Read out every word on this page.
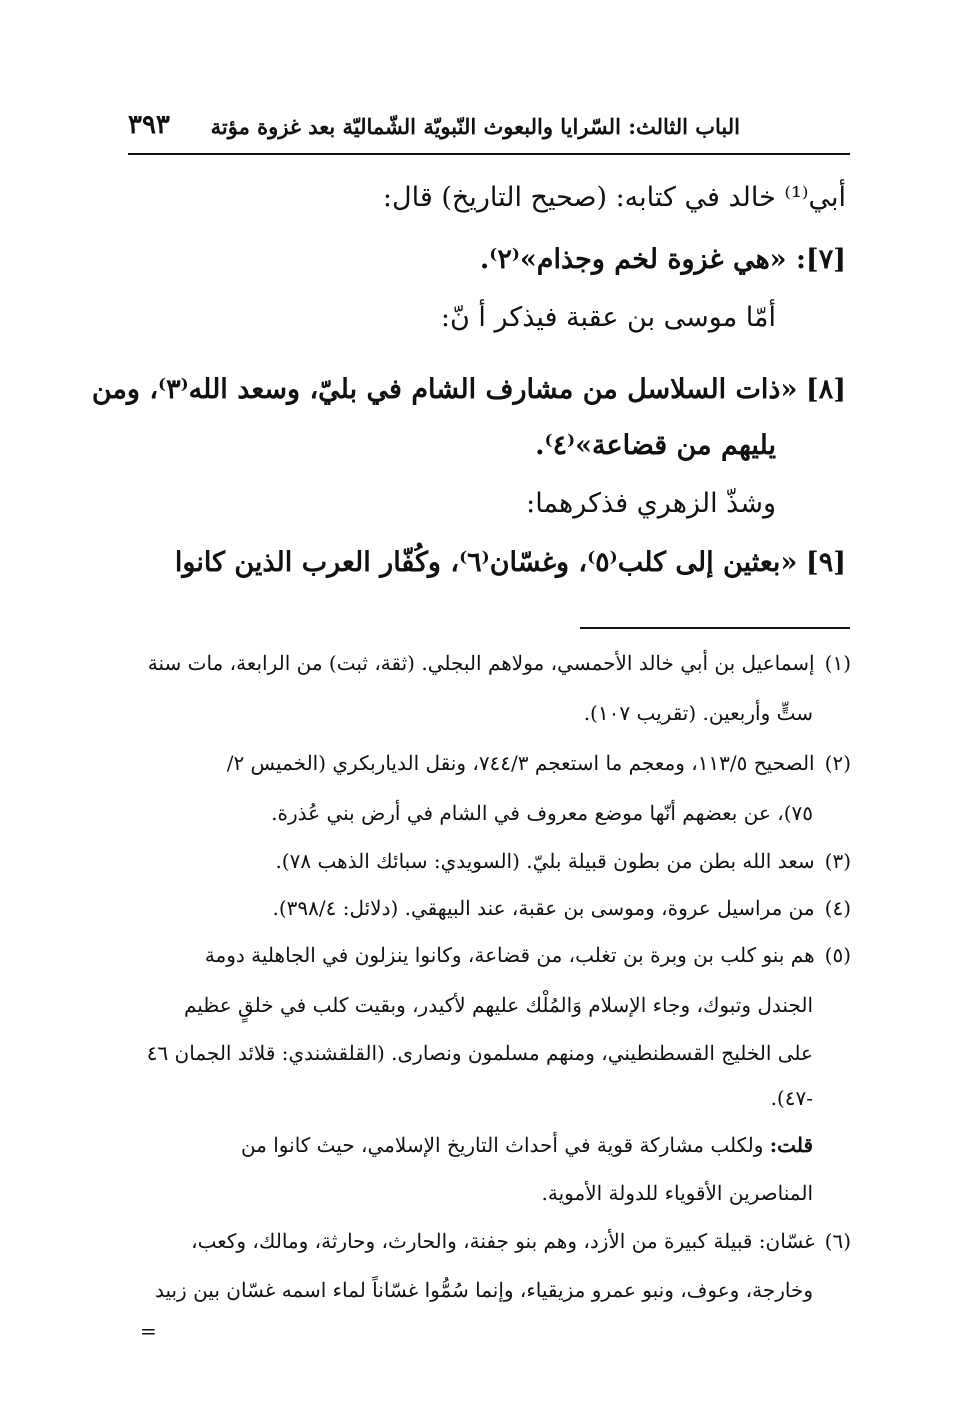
الباب الثالث: السّرايا والبعوث النّبويّة الشّماليّة بعد غزوة مؤتة
٣٩٣
أبي⁽¹⁾ خالد في كتابه: (صحيح التاريخ) قال:
[٧]: «هي غزوة لخم وجذام»⁽٢⁾.
أمّا موسى بن عقبة فيذكر أ نّ:
[٨] «ذات السلاسل من مشارف الشام في بليّ، وسعد الله⁽٣⁾، ومن
يليهم من قضاعة»⁽٤⁾.
وشذّ الزهري فذكرهما:
[٩] «بعثين إلى كلب⁽٥⁾، وغسّان⁽٦⁾، وكُفّار العرب الذين كانوا
(١)إسماعيل بن أبي خالد الأحمسي، مولاهم البجلي. (ثقة، ثبت) من الرابعة، مات سنة
ستٍّ وأربعين. (تقريب ١٠٧).
(٢)الصحيح ١١٣/٥، ومعجم ما استعجم ٧٤٤/٣، ونقل الدياربكري (الخميس ٢/
٧٥)، عن بعضهم أنّها موضع معروف في الشام في أرض بني عُذرة.
(٣)سعد الله بطن من بطون قبيلة بليّ. (السويدي: سبائك الذهب ٧٨).
(٤)من مراسيل عروة، وموسى بن عقبة، عند البيهقي. (دلائل: ٣٩٨/٤).
(٥)هم بنو كلب بن وبرة بن تغلب، من قضاعة، وكانوا ينزلون في الجاهلية دومة
الجندل وتبوك، وجاء الإسلام وَالمُلْك عليهم لأكيدر، وبقيت كلب في خلقٍ عظيم
على الخليج القسطنطيني، ومنهم مسلمون ونصارى. (القلقشندي: قلائد الجمان ٤٦
-٤٧).
قلت: ولكلب مشاركة قوية في أحداث التاريخ الإسلامي، حيث كانوا من
المناصرين الأقوياء للدولة الأموية.
(٦)غسّان: قبيلة كبيرة من الأزد، وهم بنو جفنة، والحارث، وحارثة، ومالك، وكعب،
وخارجة، وعوف، ونبو عمرو مزيقياء، وإنما سُمُّوا غسّاناً لماء اسمه غسّان بين زبيد
=
